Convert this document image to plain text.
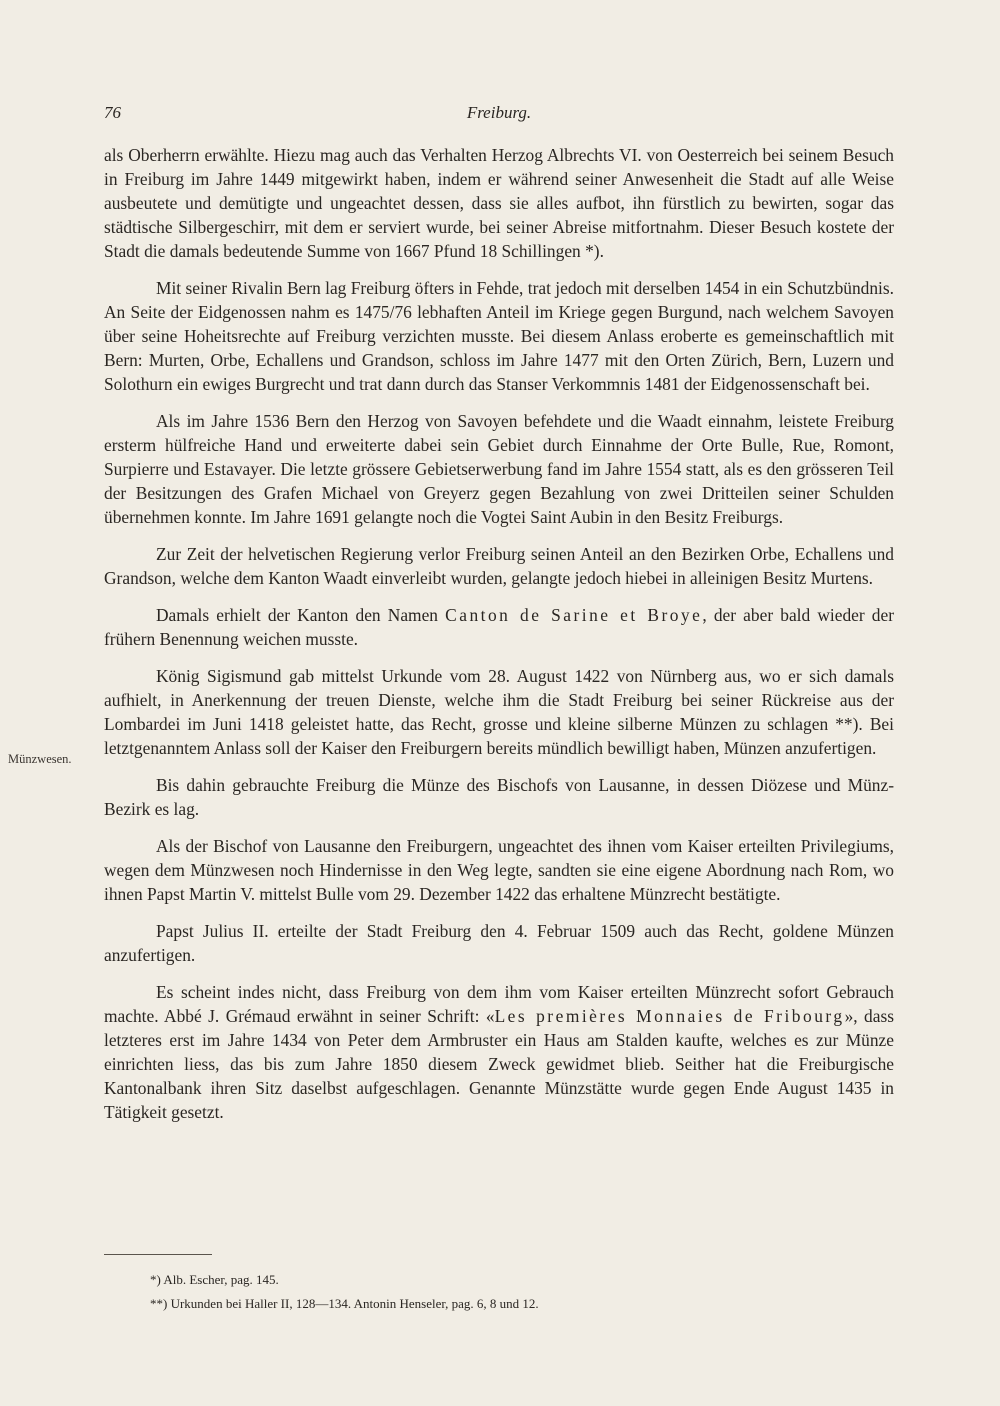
76	Freiburg.
Münzwesen.

als Oberherrn erwählte. Hiezu mag auch das Verhalten Herzog Albrechts VI. von Oesterreich bei seinem Besuch in Freiburg im Jahre 1449 mitgewirkt haben, indem er während seiner Anwesenheit die Stadt auf alle Weise ausbeutete und demütigte und ungeachtet dessen, dass sie alles aufbot, ihn fürstlich zu bewirten, sogar das städtische Silbergeschirr, mit dem er serviert wurde, bei seiner Abreise mitfortnahm. Dieser Besuch kostete der Stadt die damals bedeutende Summe von 1667 Pfund 18 Schillingen *).

Mit seiner Rivalin Bern lag Freiburg öfters in Fehde, trat jedoch mit derselben 1454 in ein Schutzbündnis. An Seite der Eidgenossen nahm es 1475/76 lebhaften Anteil im Kriege gegen Burgund, nach welchem Savoyen über seine Hoheitsrechte auf Freiburg verzichten musste. Bei diesem Anlass eroberte es gemeinschaftlich mit Bern: Murten, Orbe, Echallens und Grandson, schloss im Jahre 1477 mit den Orten Zürich, Bern, Luzern und Solothurn ein ewiges Burgrecht und trat dann durch das Stanser Verkommnis 1481 der Eidgenossenschaft bei.

Als im Jahre 1536 Bern den Herzog von Savoyen befehdete und die Waadt einnahm, leistete Freiburg ersterm hülfreiche Hand und erweiterte dabei sein Gebiet durch Einnahme der Orte Bulle, Rue, Romont, Surpierre und Estavayer. Die letzte grössere Gebietserwerbung fand im Jahre 1554 statt, als es den grösseren Teil der Besitzungen des Grafen Michael von Greyerz gegen Bezahlung von zwei Dritteilen seiner Schulden übernehmen konnte. Im Jahre 1691 gelangte noch die Vogtei Saint Aubin in den Besitz Freiburgs.

Zur Zeit der helvetischen Regierung verlor Freiburg seinen Anteil an den Bezirken Orbe, Echallens und Grandson, welche dem Kanton Waadt einverleibt wurden, gelangte jedoch hiebei in alleinigen Besitz Murtens.

Damals erhielt der Kanton den Namen Canton de Sarine et Broye, der aber bald wieder der frühern Benennung weichen musste.

König Sigismund gab mittelst Urkunde vom 28. August 1422 von Nürnberg aus, wo er sich damals aufhielt, in Anerkennung der treuen Dienste, welche ihm die Stadt Freiburg bei seiner Rückreise aus der Lombardei im Juni 1418 geleistet hatte, das Recht, grosse und kleine silberne Münzen zu schlagen **). Bei letztgenanntem Anlass soll der Kaiser den Freiburgern bereits mündlich bewilligt haben, Münzen anzufertigen.

Bis dahin gebrauchte Freiburg die Münze des Bischofs von Lausanne, in dessen Diözese und Münz-Bezirk es lag.

Als der Bischof von Lausanne den Freiburgern, ungeachtet des ihnen vom Kaiser erteilten Privilegiums, wegen dem Münzwesen noch Hindernisse in den Weg legte, sandten sie eine eigene Abordnung nach Rom, wo ihnen Papst Martin V. mittelst Bulle vom 29. Dezember 1422 das erhaltene Münzrecht bestätigte.

Papst Julius II. erteilte der Stadt Freiburg den 4. Februar 1509 auch das Recht, goldene Münzen anzufertigen.

Es scheint indes nicht, dass Freiburg von dem ihm vom Kaiser erteilten Münzrecht sofort Gebrauch machte. Abbé J. Grémaud erwähnt in seiner Schrift: «Les premières Monnaies de Fribourg», dass letzteres erst im Jahre 1434 von Peter dem Armbruster ein Haus am Stalden kaufte, welches es zur Münze einrichten liess, das bis zum Jahre 1850 diesem Zweck gewidmet blieb. Seither hat die Freiburgische Kantonalbank ihren Sitz daselbst aufgeschlagen. Genannte Münzstätte wurde gegen Ende August 1435 in Tätigkeit gesetzt.

*) Alb. Escher, pag. 145.
**) Urkunden bei Haller II, 128—134. Antonin Henseler, pag. 6, 8 und 12.
